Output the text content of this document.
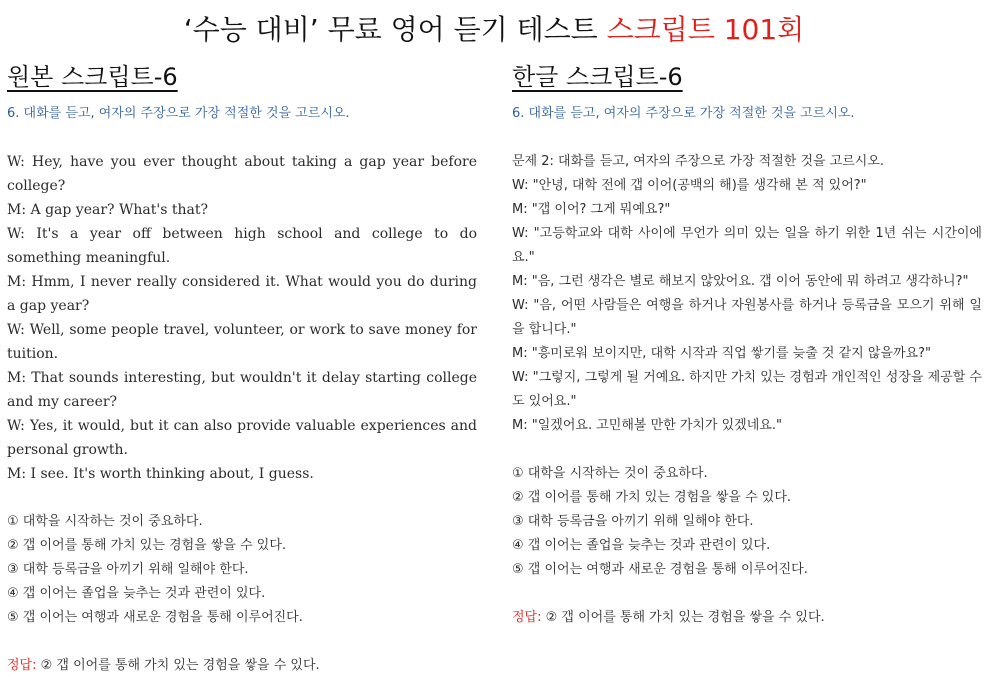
‘수능 대비’ 무료 영어 듣기 테스트 스크립트 101회
원본 스크립트-6
6. 대화를 듣고, 여자의 주장으로 가장 적절한 것을 고르시오.
W: Hey, have you ever thought about taking a gap year before college?
M: A gap year? What's that?
W: It's a year off between high school and college to do something meaningful.
M: Hmm, I never really considered it. What would you do during a gap year?
W: Well, some people travel, volunteer, or work to save money for tuition.
M: That sounds interesting, but wouldn't it delay starting college and my career?
W: Yes, it would, but it can also provide valuable experiences and personal growth.
M: I see. It's worth thinking about, I guess.
① 대학을 시작하는 것이 중요하다.
② 갭 이어를 통해 가치 있는 경험을 쌓을 수 있다.
③ 대학 등록금을 아끼기 위해 일해야 한다.
④ 갭 이어는 졸업을 늦추는 것과 관련이 있다.
⑤ 갭 이어는 여행과 새로운 경험을 통해 이루어진다.
정답: ② 갭 이어를 통해 가치 있는 경험을 쌓을 수 있다.
한글 스크립트-6
6. 대화를 듣고, 여자의 주장으로 가장 적절한 것을 고르시오.
문제 2: 대화를 듣고, 여자의 주장으로 가장 적절한 것을 고르시오.
W: "안녕, 대학 전에 갭 이어(공백의 해)를 생각해 본 적 있어?"
M: "갭 이어? 그게 뭐예요?"
W: "고등학교와 대학 사이에 무언가 의미 있는 일을 하기 위한 1년 쉬는 시간이에요."
M: "음, 그런 생각은 별로 해보지 않았어요. 갭 이어 동안에 뭐 하려고 생각하니?"
W: "음, 어떤 사람들은 여행을 하거나 자원봉사를 하거나 등록금을 모으기 위해 일을 합니다."
M: "흥미로워 보이지만, 대학 시작과 직업 쌓기를 늦출 것 같지 않을까요?"
W: "그렇지, 그렇게 될 거예요. 하지만 가치 있는 경험과 개인적인 성장을 제공할 수도 있어요."
M: "일겠어요. 고민해볼 만한 가치가 있겠네요."
① 대학을 시작하는 것이 중요하다.
② 갭 이어를 통해 가치 있는 경험을 쌓을 수 있다.
③ 대학 등록금을 아끼기 위해 일해야 한다.
④ 갭 이어는 졸업을 늦추는 것과 관련이 있다.
⑤ 갭 이어는 여행과 새로운 경험을 통해 이루어진다.
정답: ② 갭 이어를 통해 가치 있는 경험을 쌓을 수 있다.
